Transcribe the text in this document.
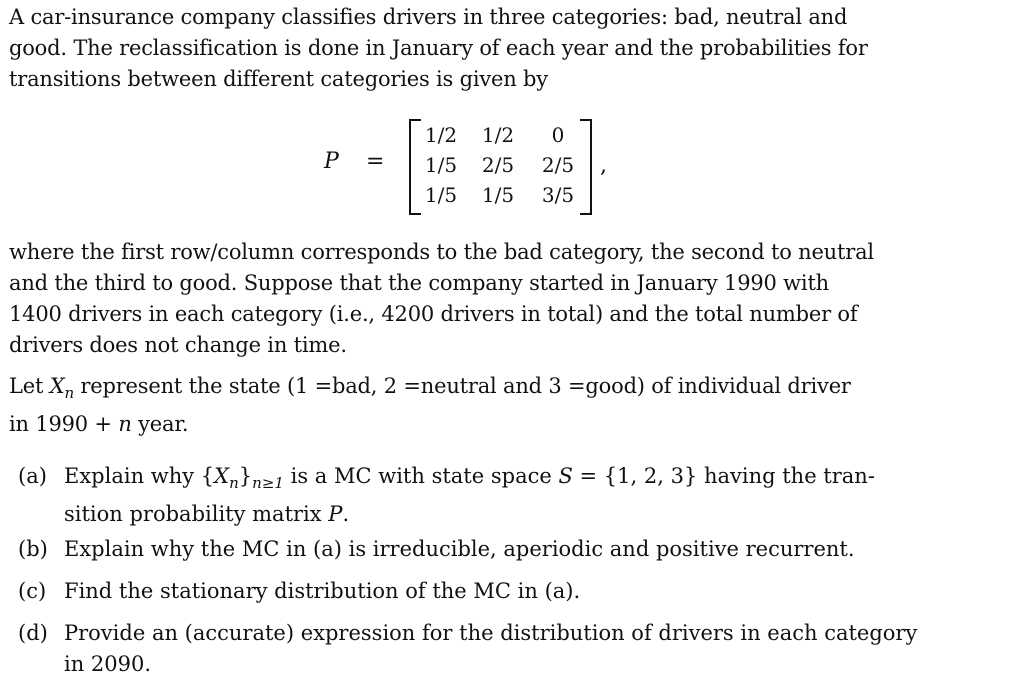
A car-insurance company classifies drivers in three categories: bad, neutral and
good. The reclassification is done in January of each year and the probabilities for
transitions between different categories is given by
P =
1/2	1/2	0
1/5	2/5	2/5
1/5	1/5	3/5
,
where the first row/column corresponds to the bad category, the second to neutral
and the third to good. Suppose that the company started in January 1990 with
1400 drivers in each category (i.e., 4200 drivers in total) and the total number of
drivers does not change in time.
Let $X_n$ represent the state (1 =bad, 2 =neutral and 3 =good) of individual driver
in 1990 + n year.
(a) Explain why $\{X_n\}_{n\ge 1}$ is a MC with state space S = {1, 2, 3} having the tran-
sition probability matrix P.
(b) Explain why the MC in (a) is irreducible, aperiodic and positive recurrent.
(c) Find the stationary distribution of the MC in (a).
(d) Provide an (accurate) expression for the distribution of drivers in each category
in 2090.
